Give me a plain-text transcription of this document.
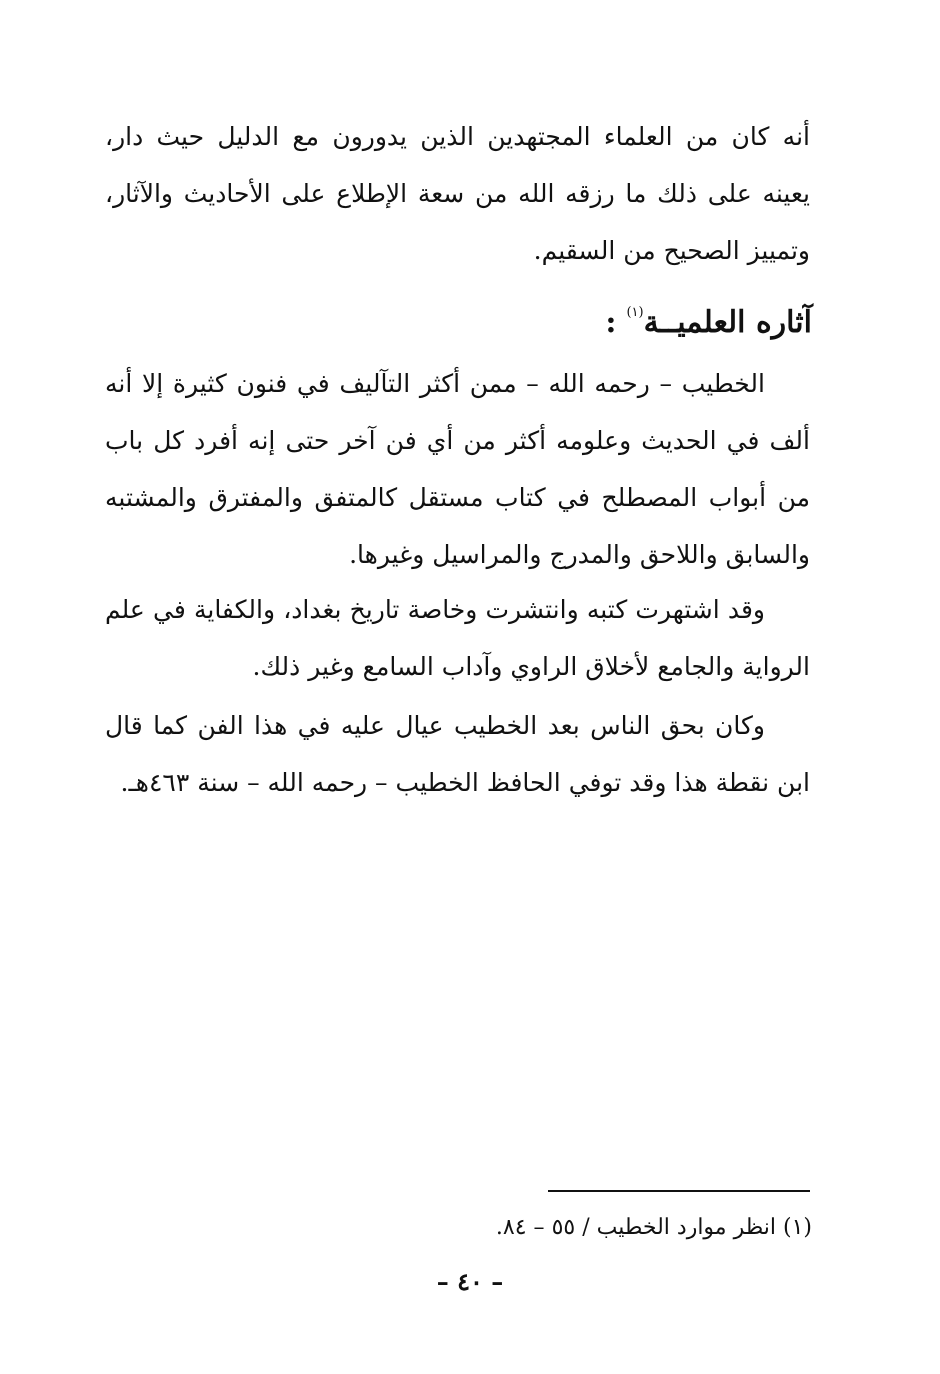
أنه كان من العلماء المجتهدين الذين يدورون مع الدليل حيث دار، يعينه على ذلك ما رزقه الله من سعة الإطلاع على الأحاديث والآثار، وتمييز الصحيح من السقيم.

آثاره العلميــة$^{(١)}$:

الخطيب – رحمه الله – ممن أكثر التآليف في فنون كثيرة إلا أنه ألف في الحديث وعلومه أكثر من أي فن آخر حتى إنه أفرد كل باب من أبواب المصطلح في كتاب مستقل كالمتفق والمفترق والمشتبه والسابق واللاحق والمدرج والمراسيل وغيرها.

وقد اشتهرت كتبه وانتشرت وخاصة تاريخ بغداد، والكفاية في علم الرواية والجامع لأخلاق الراوي وآداب السامع وغير ذلك.

وكان بحق الناس بعد الخطيب عيال عليه في هذا الفن كما قال ابن نقطة هذا وقد توفي الحافظ الخطيب – رحمه الله – سنة ٤٦٣هـ.

(١) انظر موارد الخطيب / ٥٥ – ٨٤.
– ٤٠ –
